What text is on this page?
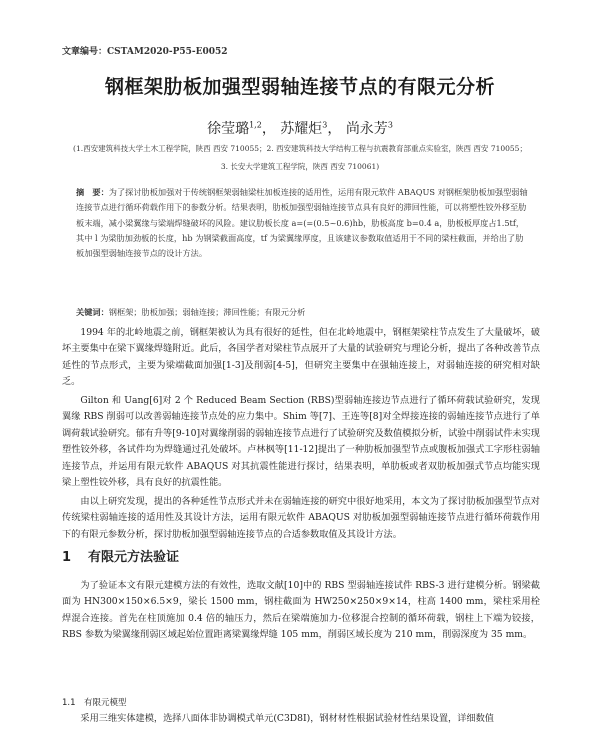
文章编号：CSTAM2020-P55-E0052
钢框架肋板加强型弱轴连接节点的有限元分析
徐莹璐$^{1,2}$， 苏耀炬$^3$， 尚永芳$^3$
(1.西安建筑科技大学土木工程学院，陕西 西安 710055；2. 西安建筑科技大学结构工程与抗震教育部重点实验室，陕西 西安 710055；
3. 长安大学建筑工程学院，陕西 西安 710061)
摘　要：为了探讨肋板加强对于传统钢框架弱轴梁柱加板连接的适用性，运用有限元软件 ABAQUS 对钢框架肋板加强型弱轴连接节点进行循环荷载作用下的参数分析。结果表明，肋板加强型弱轴连接节点具有良好的滞回性能，可以将塑性铰外移至肋板末端，减小梁翼缘与梁端焊缝破坏的风险。建议肋板长度 a=(=(0.5~0.6)hb，肋板高度 b=0.4 a，肋板板厚度占1.5tf，其中 l 为梁肋加劲板的长度，hb 为钢梁截面高度，tf 为梁翼缘厚度，且该建议参数取值适用于不同的梁柱截面，并给出了肋板加强型弱轴连接节点的设计方法。
关键词：钢框架；肋板加强；弱轴连接；滞回性能；有限元分析
1994 年的北岭地震之前，钢框架被认为具有很好的延性，但在北岭地震中，钢框架梁柱节点发生了大量破坏，破坏主要集中在梁下翼缘焊缝附近。此后，各国学者对梁柱节点展开了大量的试验研究与理论分析，提出了各种改善节点延性的节点形式，主要为梁端截面加强[1-3]及削弱[4-5]，但研究主要集中在强轴连接上，对弱轴连接的研究相对缺乏。
Gilton 和 Uang[6]对 2 个 Reduced Beam Section (RBS)型弱轴连接边节点进行了循环荷载试验研究，发现翼缘 RBS 削弱可以改善弱轴连接节点处的应力集中。Shim 等[7]、王连等[8]对全焊接连接的弱轴连接节点进行了单调荷载试验研究。郁有升等[9-10]对翼缘削弱的弱轴连接节点进行了试验研究及数值模拟分析，试验中削弱试件未实现塑性铰外移，各试件均为焊缝通过孔处破坏。卢林枫等[11-12]提出了一种肋板加强型节点或腹板加强式工字形柱弱轴连接节点，并运用有限元软件 ABAQUS 对其抗震性能进行探讨，结果表明，单肋板或者双肋板加强式节点均能实现梁上塑性铰外移，具有良好的抗震性能。
由以上研究发现，提出的各种延性节点形式并未在弱轴连接的研究中很好地采用，本文为了探讨肋板加强型节点对传统梁柱弱轴连接的适用性及其设计方法，运用有限元软件 ABAQUS 对肋板加强型弱轴连接节点进行循环荷载作用下的有限元参数分析，探讨肋板加强型弱轴连接节点的合适参数取值及其设计方法。
1 有限元方法验证
为了验证本文有限元建模方法的有效性，选取文献[10]中的 RBS 型弱轴连接试件 RBS-3 进行建模分析。钢梁截面为 HN300×150×6.5×9，梁长 1500 mm，钢柱截面为 HW250×250×9×14，柱高 1400 mm，梁柱采用栓焊混合连接。首先在柱顶施加 0.4 倍的轴压力，然后在梁端施加力-位移混合控制的循环荷载，钢柱上下端为铰接，RBS 参数为梁翼缘削弱区域起始位置距离梁翼缘焊缝 105 mm，削弱区域长度为 210 mm，削弱深度为 35 mm。
1.1　有限元模型
采用三维实体建模，选择八面体非协调模式单元(C3D8I)，钢材材性根据试验材性结果设置，详细数值
